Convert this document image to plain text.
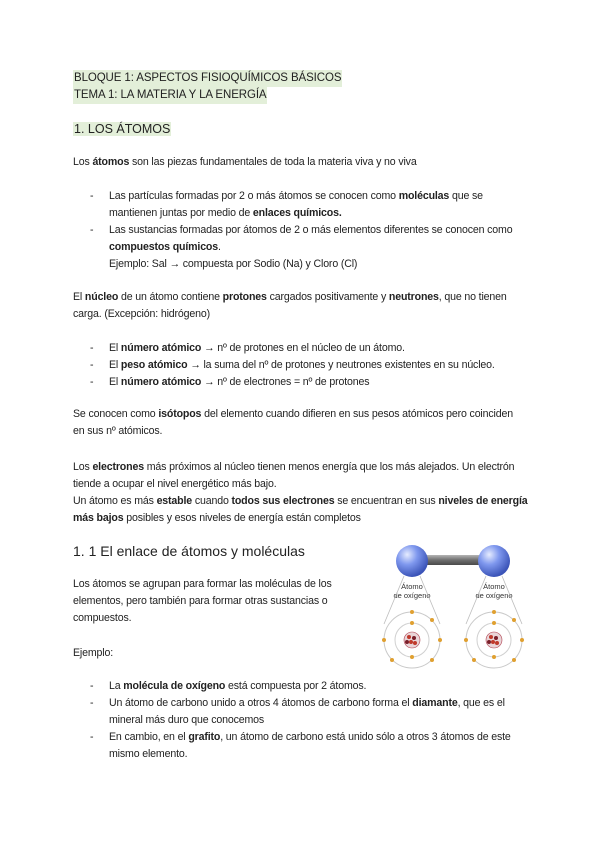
BLOQUE 1: ASPECTOS FISIOQUÍMICOS BÁSICOS
TEMA 1: LA MATERIA Y LA ENERGÍA
1. LOS ÁTOMOS

Los átomos son las piezas fundamentales de toda la materia viva y no viva

- Las partículas formadas por 2 o más átomos se conocen como moléculas que se mantienen juntas por medio de enlaces químicos.
- Las sustancias formadas por átomos de 2 o más elementos diferentes se conocen como compuestos químicos.
Ejemplo: Sal → compuesta por Sodio (Na) y Cloro (Cl)

El núcleo de un átomo contiene protones cargados positivamente y neutrones, que no tienen carga. (Excepción: hidrógeno)

- El número atómico → nº de protones en el núcleo de un átomo.
- El peso atómico → la suma del nº de protones y neutrones existentes en su núcleo.
- El número atómico → nº de electrones = nº de protones

Se conocen como isótopos del elemento cuando difieren en sus pesos atómicos pero coinciden en sus nº atómicos.

Los electrones más próximos al núcleo tienen menos energía que los más alejados. Un electrón tiende a ocupar el nivel energético más bajo.

Un átomo es más estable cuando todos sus electrones se encuentran en sus niveles de energía más bajos posibles y esos niveles de energía están completos

1. 1 El enlace de átomos y moléculas

Los átomos se agrupan para formar las moléculas de los elementos, pero también para formar otras sustancias o compuestos.

Ejemplo:

- La molécula de oxígeno está compuesta por 2 átomos.
- Un átomo de carbono unido a otros 4 átomos de carbono forma el diamante, que es el mineral más duro que conocemos
- En cambio, en el grafito, un átomo de carbono está unido sólo a otros 3 átomos de este mismo elemento.
Átomo
de oxígeno
Átomo
de oxígeno
